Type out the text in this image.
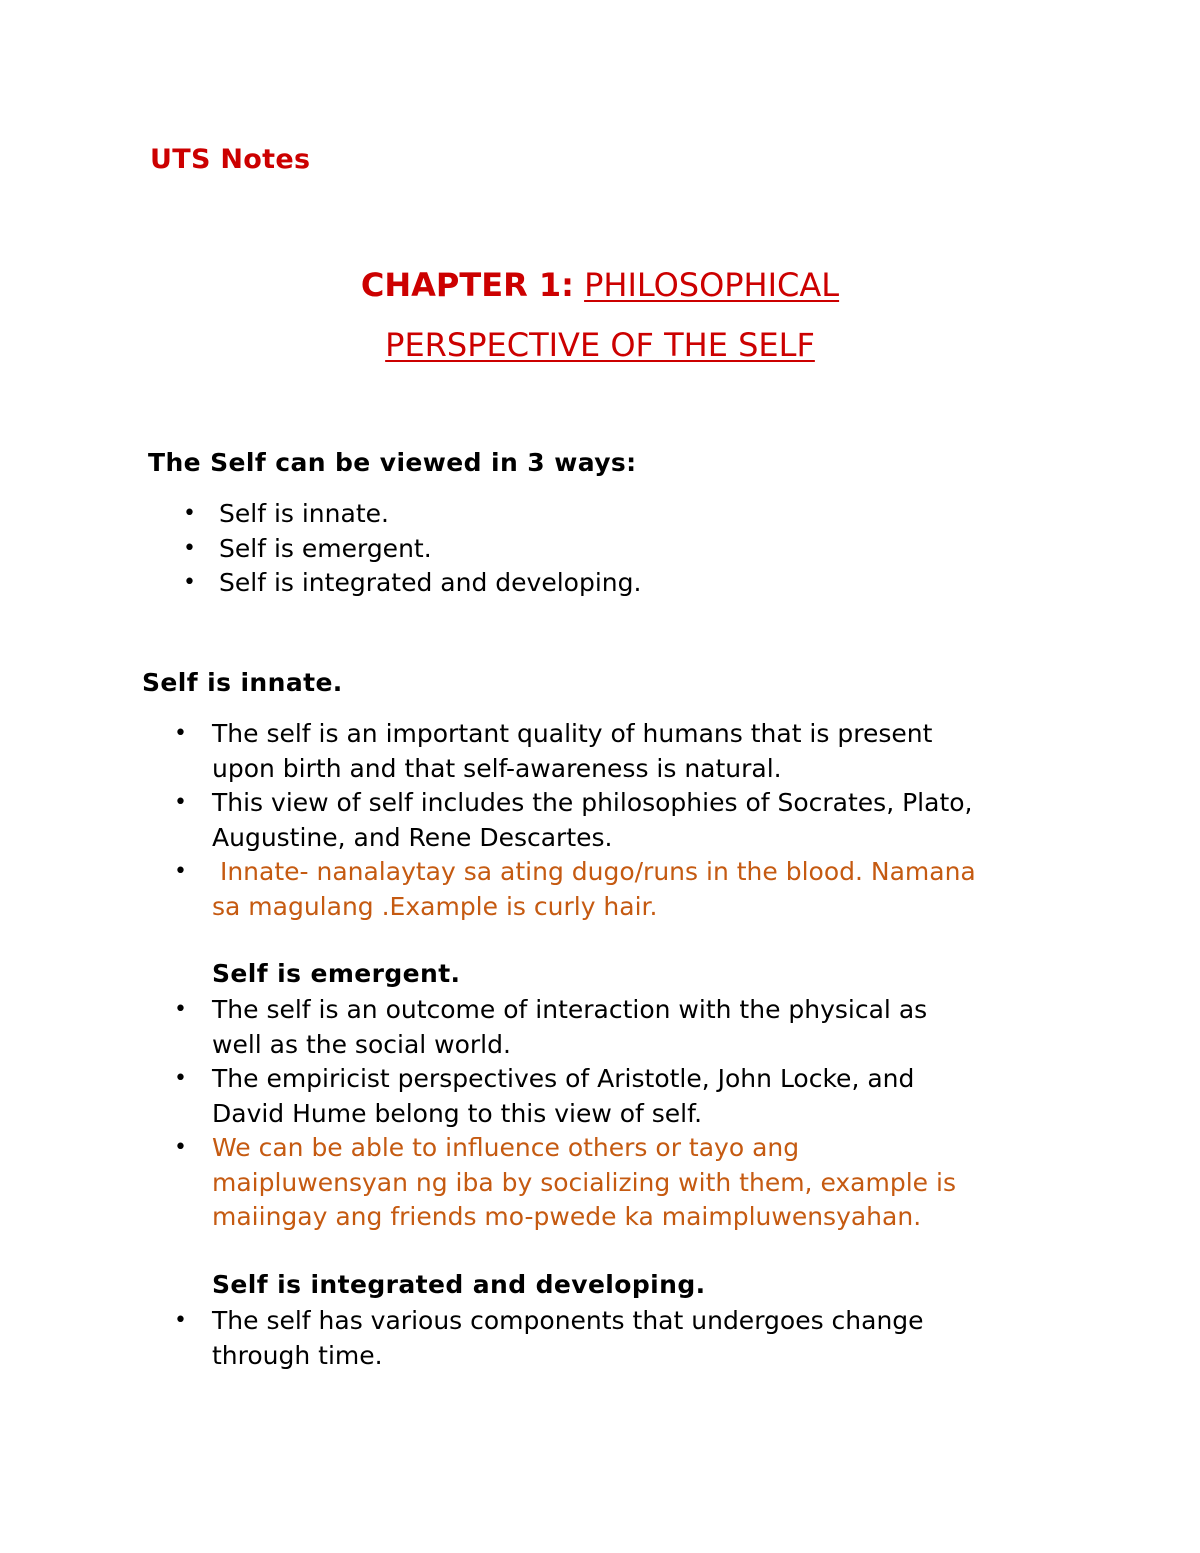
UTS Notes
CHAPTER 1: PHILOSOPHICAL
PERSPECTIVE OF THE SELF
The Self can be viewed in 3 ways:
• Self is innate.
• Self is emergent.
• Self is integrated and developing.
Self is innate.
• The self is an important quality of humans that is present
upon birth and that self-awareness is natural.
• This view of self includes the philosophies of Socrates, Plato,
Augustine, and Rene Descartes.
• Innate- nanalaytay sa ating dugo/runs in the blood. Namana
sa magulang .Example is curly hair.
Self is emergent.
• The self is an outcome of interaction with the physical as
well as the social world.
• The empiricist perspectives of Aristotle, John Locke, and
David Hume belong to this view of self.
• We can be able to influence others or tayo ang
maipluwensyan ng iba by socializing with them, example is
maiingay ang friends mo-pwede ka maimpluwensyahan.
Self is integrated and developing.
• The self has various components that undergoes change
through time.
